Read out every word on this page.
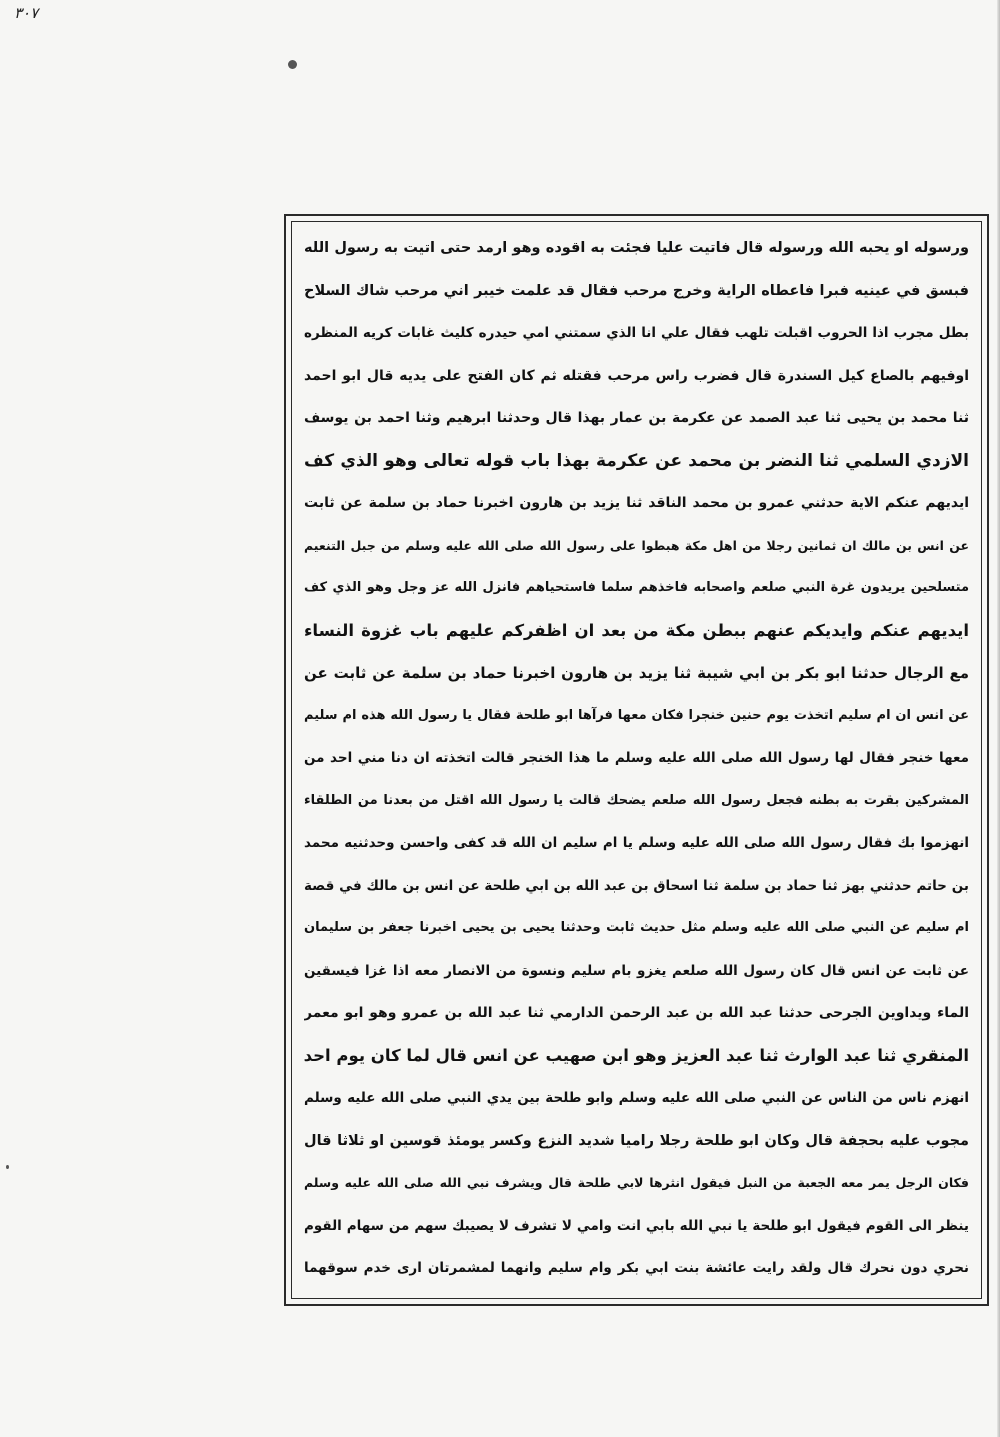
٣٠٧
ورسوله او يحبه الله ورسوله قال فاتيت عليا فجئت به اقوده وهو ارمد حتى اتيت به رسول الله
فبسق في عينيه فبرا فاعطاه الراية وخرج مرحب فقال قد علمت خيبر اني مرحب شاك السلاح
بطل مجرب اذا الحروب اقبلت تلهب فقال علي انا الذي سمتني امي حيدره كليث غابات كريه المنظره
اوفيهم بالصاع كيل السندرة قال فضرب راس مرحب فقتله ثم كان الفتح على يديه قال ابو احمد
ثنا محمد بن يحيى ثنا عبد الصمد عن عكرمة بن عمار بهذا قال وحدثنا ابرهيم وثنا احمد بن يوسف
الازدي السلمي ثنا النضر بن محمد عن عكرمة بهذا باب قوله تعالى وهو الذي كف
ايديهم عنكم الاية حدثني عمرو بن محمد الناقد ثنا يزيد بن هارون اخبرنا حماد بن سلمة عن ثابت
عن انس بن مالك ان ثمانين رجلا من اهل مكة هبطوا على رسول الله صلى الله عليه وسلم من جبل التنعيم
متسلحين يريدون غرة النبي صلعم واصحابه فاخذهم سلما فاستحياهم فانزل الله عز وجل وهو الذي كف
ايديهم عنكم وايديكم عنهم ببطن مكة من بعد ان اظفركم عليهم باب غزوة النساء
مع الرجال حدثنا ابو بكر بن ابي شيبة ثنا يزيد بن هارون اخبرنا حماد بن سلمة عن ثابت عن
عن انس ان ام سليم اتخذت يوم حنين خنجرا فكان معها فرآها ابو طلحة فقال يا رسول الله هذه ام سليم
معها خنجر فقال لها رسول الله صلى الله عليه وسلم ما هذا الخنجر قالت اتخذته ان دنا مني احد من
المشركين بقرت به بطنه فجعل رسول الله صلعم يضحك قالت يا رسول الله اقتل من بعدنا من الطلقاء
انهزموا بك فقال رسول الله صلى الله عليه وسلم يا ام سليم ان الله قد كفى واحسن وحدثنيه محمد
بن حاتم حدثني بهز ثنا حماد بن سلمة ثنا اسحاق بن عبد الله بن ابي طلحة عن انس بن مالك في قصة
ام سليم عن النبي صلى الله عليه وسلم مثل حديث ثابت وحدثنا يحيى بن يحيى اخبرنا جعفر بن سليمان
عن ثابت عن انس قال كان رسول الله صلعم يغزو بام سليم ونسوة من الانصار معه اذا غزا فيسقين
الماء ويداوين الجرحى حدثنا عبد الله بن عبد الرحمن الدارمي ثنا عبد الله بن عمرو وهو ابو معمر
المنقري ثنا عبد الوارث ثنا عبد العزيز وهو ابن صهيب عن انس قال لما كان يوم احد
انهزم ناس من الناس عن النبي صلى الله عليه وسلم وابو طلحة بين يدي النبي صلى الله عليه وسلم
مجوب عليه بحجفة قال وكان ابو طلحة رجلا راميا شديد النزع وكسر يومئذ قوسين او ثلاثا قال
فكان الرجل يمر معه الجعبة من النبل فيقول انثرها لابي طلحة قال ويشرف نبي الله صلى الله عليه وسلم
ينظر الى القوم فيقول ابو طلحة يا نبي الله بابي انت وامي لا تشرف لا يصيبك سهم من سهام القوم
نحري دون نحرك قال ولقد رايت عائشة بنت ابي بكر وام سليم وانهما لمشمرتان ارى خدم سوقهما
